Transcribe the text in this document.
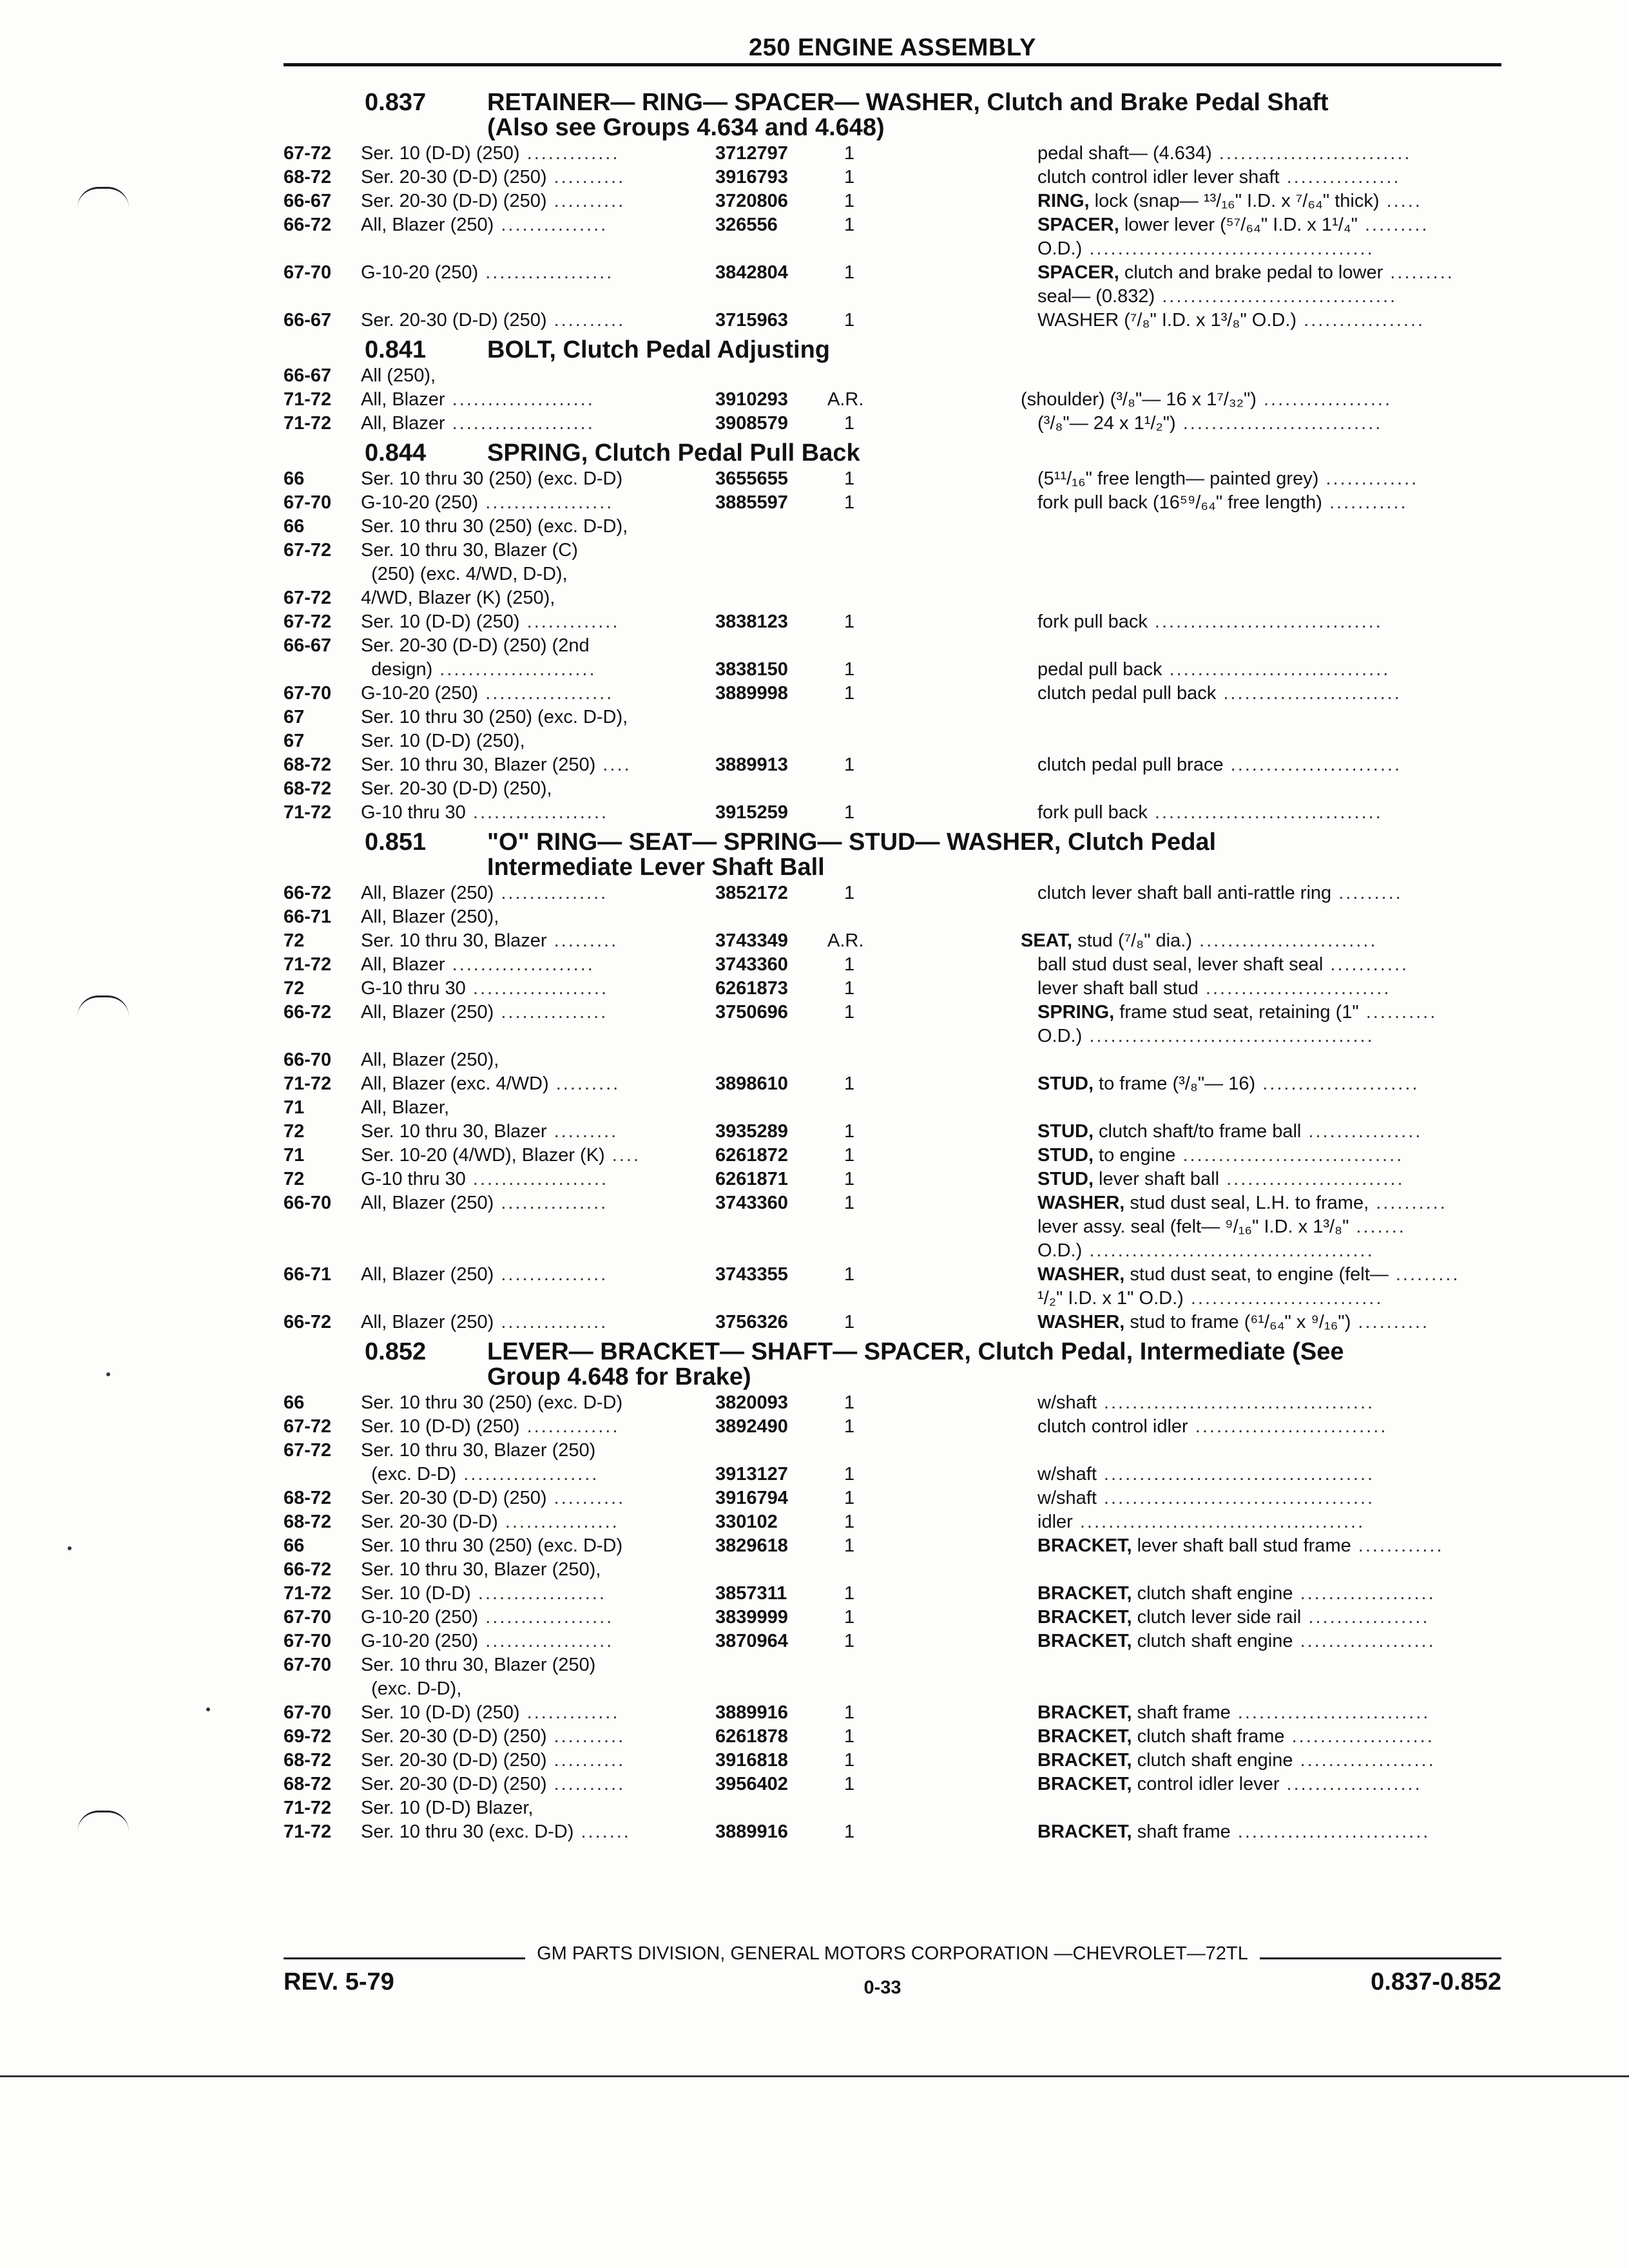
250 ENGINE ASSEMBLY
0.837	RETAINER— RING— SPACER— WASHER, Clutch and Brake Pedal Shaft
(Also see Groups 4.634 and 4.648)
67-72	Ser. 10 (D-D) (250) .............	3712797	1	pedal shaft— (4.634) ...........................
68-72	Ser. 20-30 (D-D) (250) ..........	3916793	1	clutch control idler lever shaft ................
66-67	Ser. 20-30 (D-D) (250) ..........	3720806	1	RING, lock (snap— ¹³/₁₆" I.D. x ⁷/₆₄" thick) .....
66-72	All, Blazer (250) ...............	326556	1	SPACER, lower lever (⁵⁷/₆₄" I.D. x 1¹/₄" .........
O.D.) ........................................
67-70	G-10-20 (250) ..................	3842804	1	SPACER, clutch and brake pedal to lower .........
seal— (0.832) .................................
66-67	Ser. 20-30 (D-D) (250) ..........	3715963	1	WASHER (⁷/₈" I.D. x 1³/₈" O.D.) .................
0.841	BOLT, Clutch Pedal Adjusting
66-67	All (250),
71-72	All, Blazer ....................	3910293	A.R.	(shoulder) (³/₈"— 16 x 1⁷/₃₂") ..................
71-72	All, Blazer ....................	3908579	1	(³/₈"— 24 x 1¹/₂") ............................
0.844	SPRING, Clutch Pedal Pull Back
66	Ser. 10 thru 30 (250) (exc. D-D)	3655655	1	(5¹¹/₁₆" free length— painted grey) .............
67-70	G-10-20 (250) ..................	3885597	1	fork pull back (16⁵⁹/₆₄" free length) ...........
66	Ser. 10 thru 30 (250) (exc. D-D),
67-72	Ser. 10 thru 30, Blazer (C)
(250) (exc. 4/WD, D-D),
67-72	4/WD, Blazer (K) (250),
67-72	Ser. 10 (D-D) (250) .............	3838123	1	fork pull back ................................
66-67	Ser. 20-30 (D-D) (250) (2nd
design) ......................	3838150	1	pedal pull back ...............................
67-70	G-10-20 (250) ..................	3889998	1	clutch pedal pull back .........................
67	Ser. 10 thru 30 (250) (exc. D-D),
67	Ser. 10 (D-D) (250),
68-72	Ser. 10 thru 30, Blazer (250) ....	3889913	1	clutch pedal pull brace ........................
68-72	Ser. 20-30 (D-D) (250),
71-72	G-10 thru 30 ...................	3915259	1	fork pull back ................................
0.851	"O" RING— SEAT— SPRING— STUD— WASHER, Clutch Pedal
Intermediate Lever Shaft Ball
66-72	All, Blazer (250) ...............	3852172	1	clutch lever shaft ball anti-rattle ring .........
66-71	All, Blazer (250),
72	Ser. 10 thru 30, Blazer .........	3743349	A.R.	SEAT, stud (⁷/₈" dia.) .........................
71-72	All, Blazer ....................	3743360	1	ball stud dust seal, lever shaft seal ...........
72	G-10 thru 30 ...................	6261873	1	lever shaft ball stud ..........................
66-72	All, Blazer (250) ...............	3750696	1	SPRING, frame stud seat, retaining (1" ..........
O.D.) ........................................
66-70	All, Blazer (250),
71-72	All, Blazer (exc. 4/WD) .........	3898610	1	STUD, to frame (³/₈"— 16) ......................
71	All, Blazer,
72	Ser. 10 thru 30, Blazer .........	3935289	1	STUD, clutch shaft/to frame ball ................
71	Ser. 10-20 (4/WD), Blazer (K) ....	6261872	1	STUD, to engine ...............................
72	G-10 thru 30 ...................	6261871	1	STUD, lever shaft ball .........................
66-70	All, Blazer (250) ...............	3743360	1	WASHER, stud dust seal, L.H. to frame, ..........
lever assy. seal (felt— ⁹/₁₆" I.D. x 1³/₈" .......
O.D.) ........................................
66-71	All, Blazer (250) ...............	3743355	1	WASHER, stud dust seat, to engine (felt— .........
¹/₂" I.D. x 1" O.D.) ...........................
66-72	All, Blazer (250) ...............	3756326	1	WASHER, stud to frame (⁶¹/₆₄" x ⁹/₁₆") ..........
0.852	LEVER— BRACKET— SHAFT— SPACER, Clutch Pedal, Intermediate (See
Group 4.648 for Brake)
66	Ser. 10 thru 30 (250) (exc. D-D)	3820093	1	w/shaft ......................................
67-72	Ser. 10 (D-D) (250) .............	3892490	1	clutch control idler ...........................
67-72	Ser. 10 thru 30, Blazer (250)
(exc. D-D) ...................	3913127	1	w/shaft ......................................
68-72	Ser. 20-30 (D-D) (250) ..........	3916794	1	w/shaft ......................................
68-72	Ser. 20-30 (D-D) ................	330102	1	idler ........................................
66	Ser. 10 thru 30 (250) (exc. D-D)	3829618	1	BRACKET, lever shaft ball stud frame ............
66-72	Ser. 10 thru 30, Blazer (250),
71-72	Ser. 10 (D-D) ..................	3857311	1	BRACKET, clutch shaft engine ...................
67-70	G-10-20 (250) ..................	3839999	1	BRACKET, clutch lever side rail .................
67-70	G-10-20 (250) ..................	3870964	1	BRACKET, clutch shaft engine ...................
67-70	Ser. 10 thru 30, Blazer (250)
(exc. D-D),
67-70	Ser. 10 (D-D) (250) .............	3889916	1	BRACKET, shaft frame ...........................
69-72	Ser. 20-30 (D-D) (250) ..........	6261878	1	BRACKET, clutch shaft frame ....................
68-72	Ser. 20-30 (D-D) (250) ..........	3916818	1	BRACKET, clutch shaft engine ...................
68-72	Ser. 20-30 (D-D) (250) ..........	3956402	1	BRACKET, control idler lever ...................
71-72	Ser. 10 (D-D) Blazer,
71-72	Ser. 10 thru 30 (exc. D-D) .......	3889916	1	BRACKET, shaft frame ...........................
GM PARTS DIVISION, GENERAL MOTORS CORPORATION —CHEVROLET—72TL
REV. 5-79	0-33	0.837-0.852
